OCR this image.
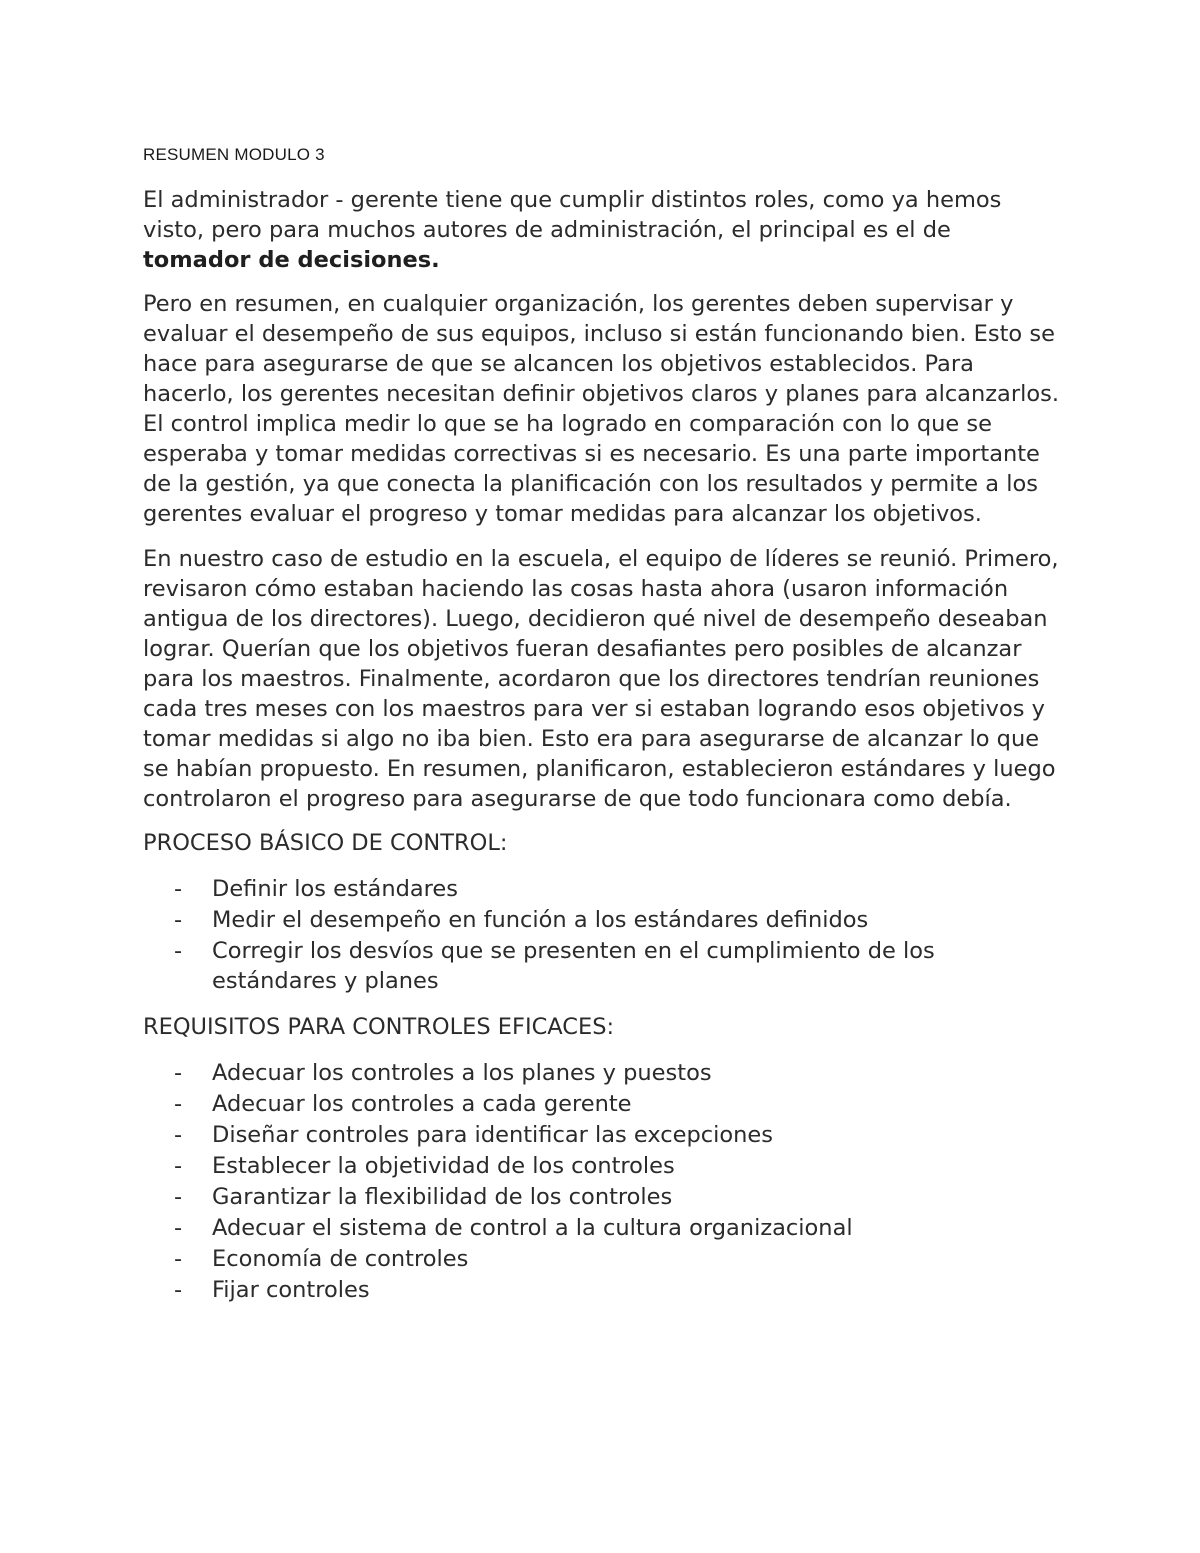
RESUMEN MODULO 3

El administrador - gerente tiene que cumplir distintos roles, como ya hemos visto, pero para muchos autores de administración, el principal es el de tomador de decisiones.

Pero en resumen, en cualquier organización, los gerentes deben supervisar y evaluar el desempeño de sus equipos, incluso si están funcionando bien. Esto se hace para asegurarse de que se alcancen los objetivos establecidos. Para hacerlo, los gerentes necesitan definir objetivos claros y planes para alcanzarlos. El control implica medir lo que se ha logrado en comparación con lo que se esperaba y tomar medidas correctivas si es necesario. Es una parte importante de la gestión, ya que conecta la planificación con los resultados y permite a los gerentes evaluar el progreso y tomar medidas para alcanzar los objetivos.

En nuestro caso de estudio en la escuela, el equipo de líderes se reunió. Primero, revisaron cómo estaban haciendo las cosas hasta ahora (usaron información antigua de los directores). Luego, decidieron qué nivel de desempeño deseaban lograr. Querían que los objetivos fueran desafiantes pero posibles de alcanzar para los maestros. Finalmente, acordaron que los directores tendrían reuniones cada tres meses con los maestros para ver si estaban logrando esos objetivos y tomar medidas si algo no iba bien. Esto era para asegurarse de alcanzar lo que se habían propuesto. En resumen, planificaron, establecieron estándares y luego controlaron el progreso para asegurarse de que todo funcionara como debía.

PROCESO BÁSICO DE CONTROL:

- Definir los estándares
- Medir el desempeño en función a los estándares definidos
- Corregir los desvíos que se presenten en el cumplimiento de los estándares y planes

REQUISITOS PARA CONTROLES EFICACES:

- Adecuar los controles a los planes y puestos
- Adecuar los controles a cada gerente
- Diseñar controles para identificar las excepciones
- Establecer la objetividad de los controles
- Garantizar la flexibilidad de los controles
- Adecuar el sistema de control a la cultura organizacional
- Economía de controles
- Fijar controles
